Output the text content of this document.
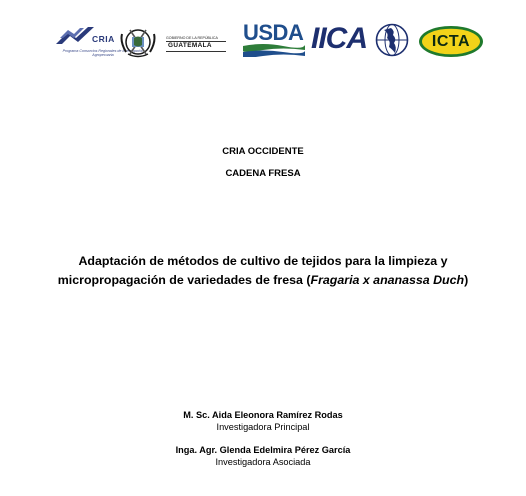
CRIA
Programa Consorcios Regionales de Investigación Agropecuaria
GOBIERNO DE LA REPÚBLICA
GUATEMALA
USDA IICA	ICTA
CRIA OCCIDENTE
CADENA FRESA
Adaptación de métodos de cultivo de tejidos para la limpieza y micropropagación de variedades de fresa (Fragaria x ananassa Duch)
M. Sc. Aida Eleonora Ramírez Rodas
Investigadora Principal
Inga. Agr. Glenda Edelmira Pérez García
Investigadora Asociada
